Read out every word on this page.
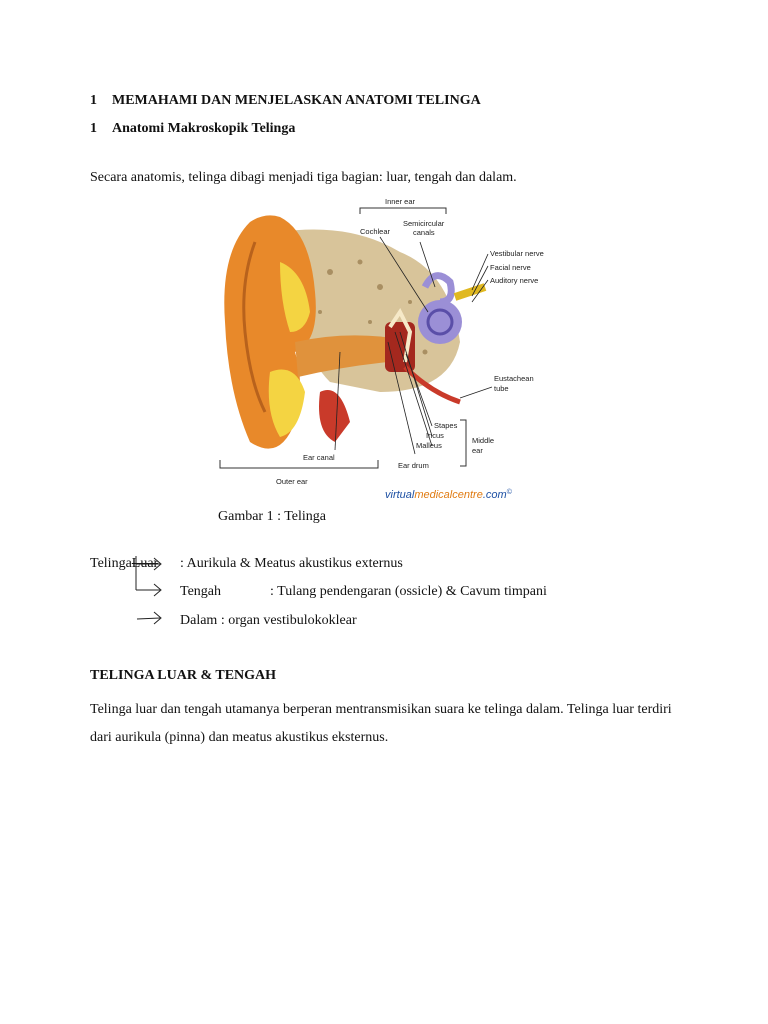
1 MEMAHAMI DAN MENJELASKAN ANATOMI TELINGA
1 Anatomi Makroskopik Telinga
Secara anatomis, telinga dibagi menjadi tiga bagian: luar, tengah dan dalam.
Inner ear
Cochlear
Semicircular
canals
Vestibular nerve
Facial nerve
Auditory nerve
Eustachean
tube
Stapes
Incus
Malleus
Middle
ear
Ear drum
Ear canal
Outer ear
virtualmedicalcentre.com©
Gambar 1 : Telinga
TelingaLuar : Aurikula & Meatus akustikus externus
Tengah	: Tulang pendengaran (ossicle) & Cavum timpani
Dalam : organ vestibulokoklear
TELINGA LUAR & TENGAH
Telinga luar dan tengah utamanya berperan mentransmisikan suara ke telinga dalam. Telinga luar terdiri dari aurikula (pinna) dan meatus akustikus eksternus.
